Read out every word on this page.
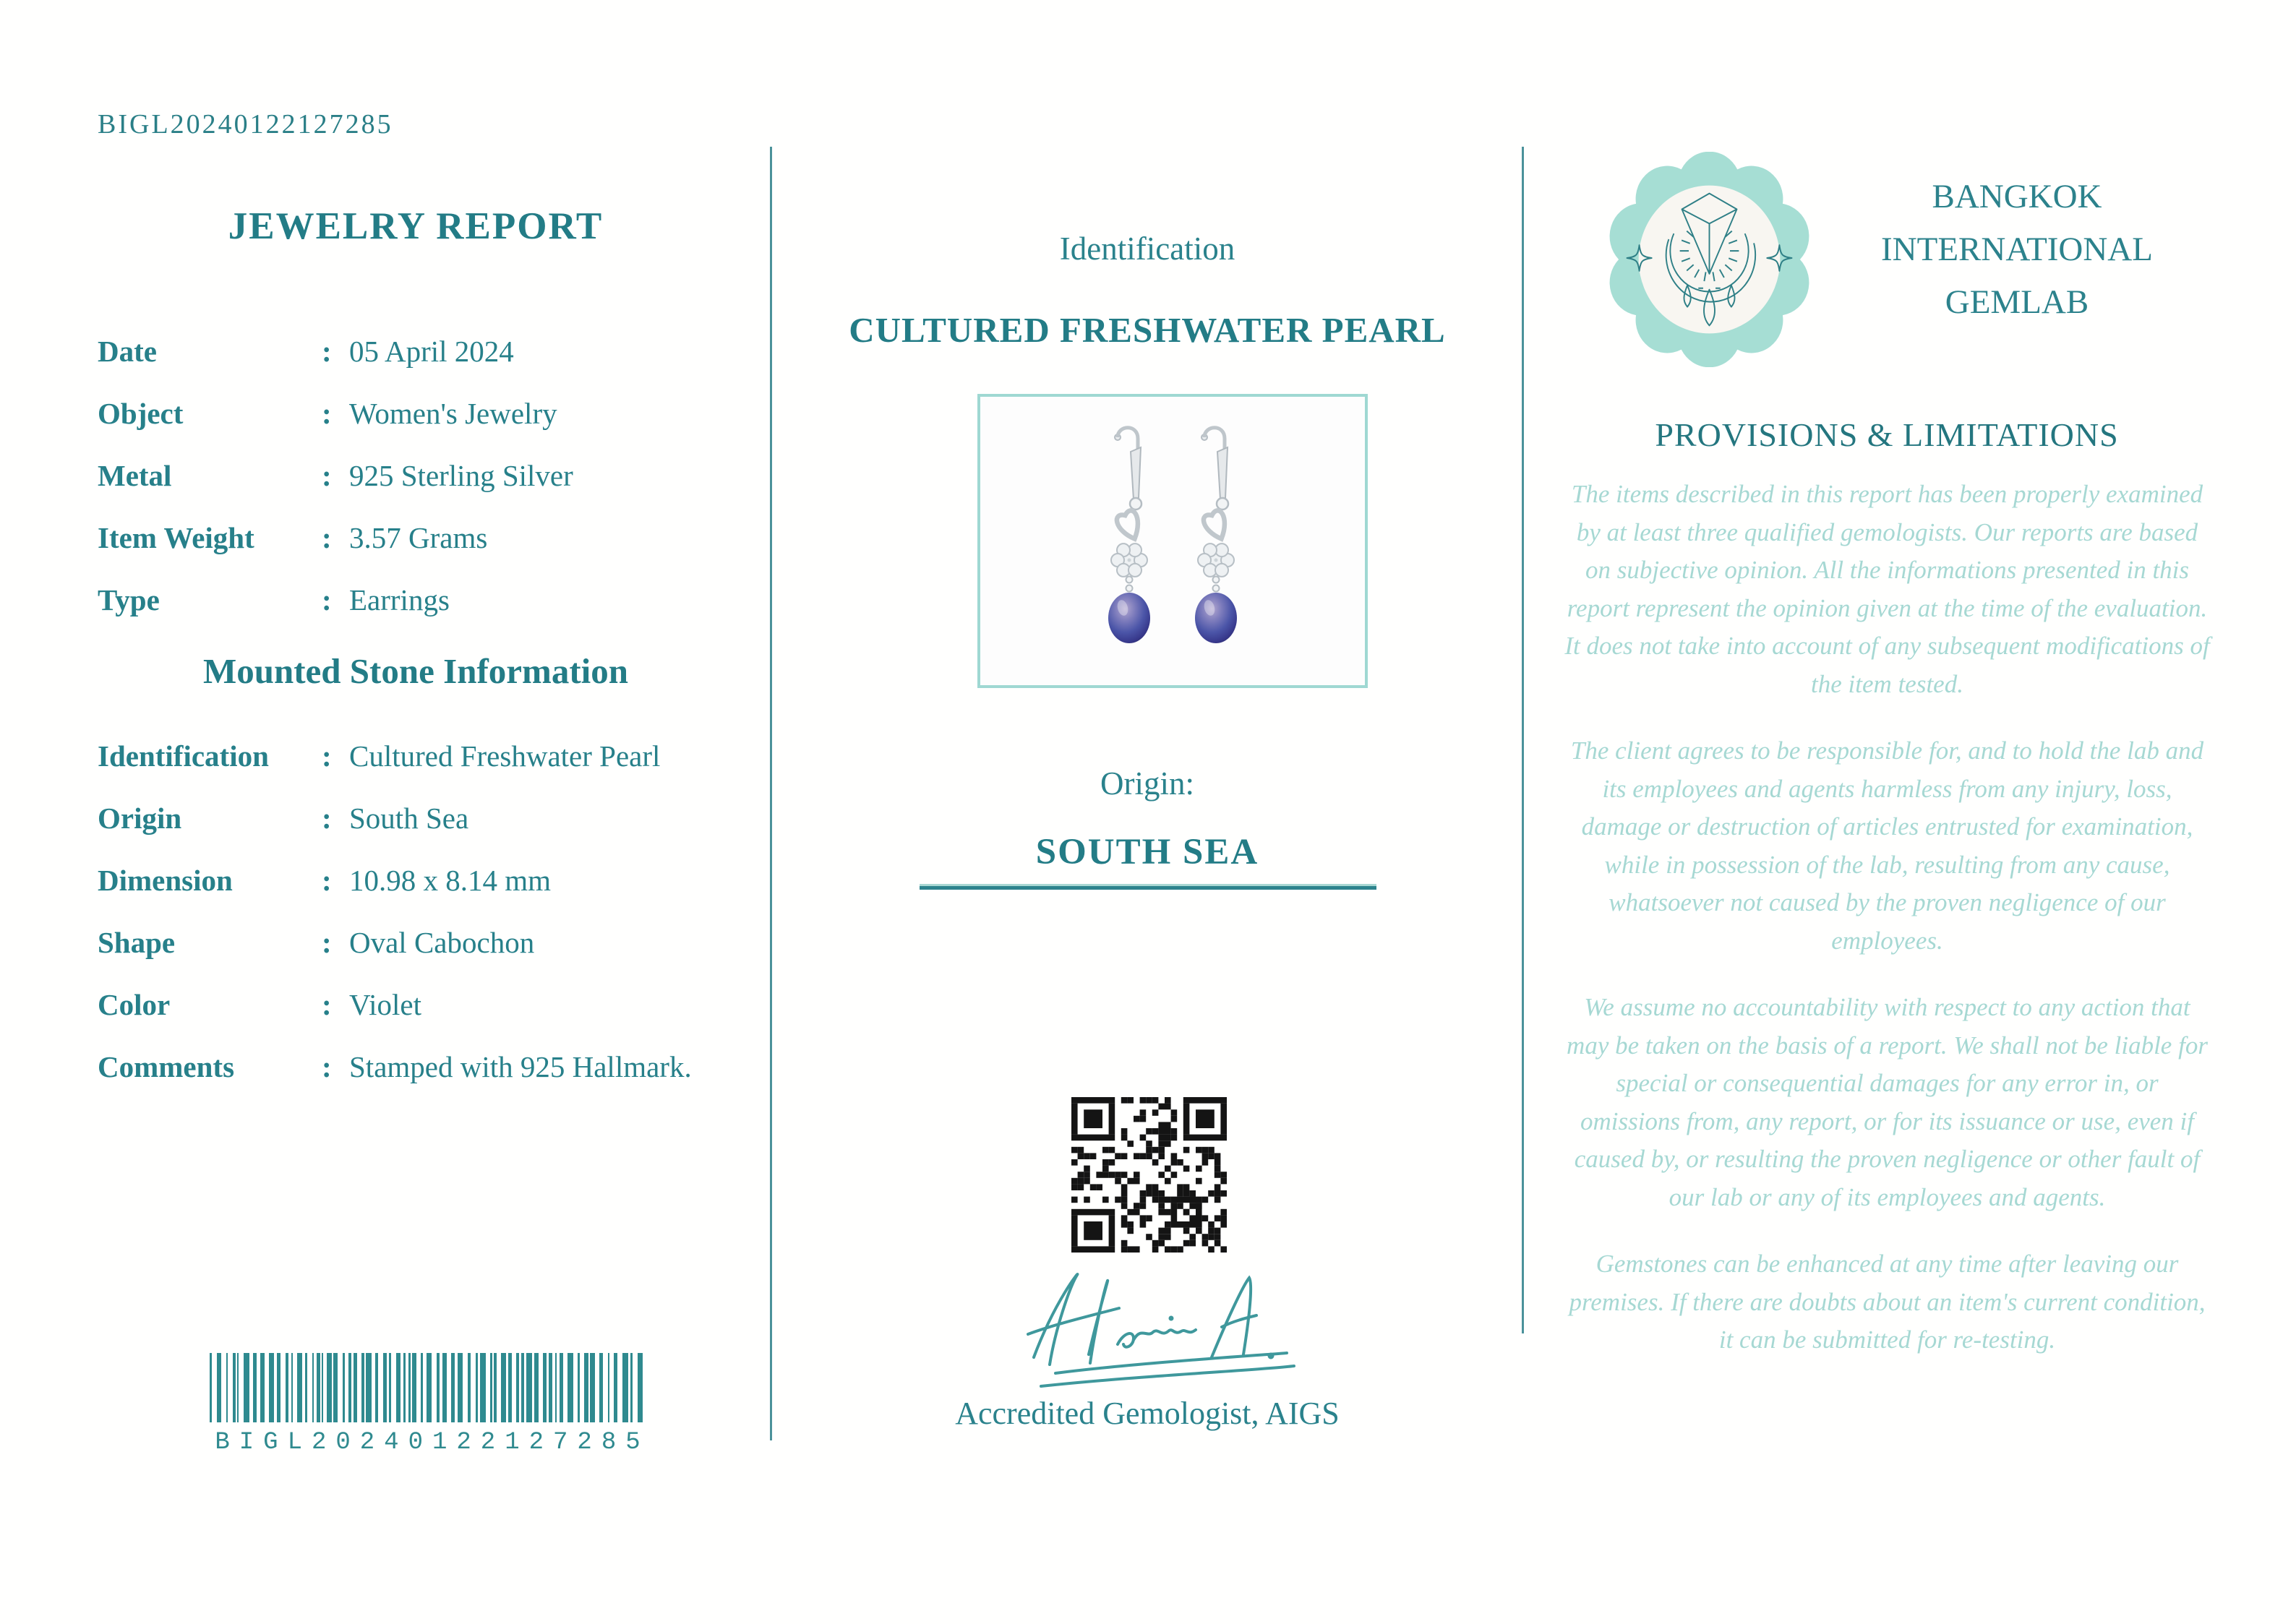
BIGL20240122127285
JEWELRY REPORT
Date	: 05 April 2024
Object	: Women's Jewelry
Metal	: 925 Sterling Silver
Item Weight	: 3.57 Grams
Type	: Earrings
Mounted Stone Information
Identification	: Cultured Freshwater Pearl
Origin	: South Sea
Dimension	: 10.98 x 8.14 mm
Shape	: Oval Cabochon
Color	: Violet
Comments	: Stamped with 925 Hallmark.
BIGL20240122127285
Identification
CULTURED FRESHWATER PEARL
Origin:
SOUTH SEA
Accredited Gemologist, AIGS
BANGKOK
INTERNATIONAL
GEMLAB
PROVISIONS & LIMITATIONS

The items described in this report has been properly examined by at least three qualified gemologists. Our reports are based on subjective opinion. All the informations presented in this report represent the opinion given at the time of the evaluation. It does not take into account of any subsequent modifications of the item tested.

The client agrees to be responsible for, and to hold the lab and its employees and agents harmless from any injury, loss, damage or destruction of articles entrusted for examination, while in possession of the lab, resulting from any cause, whatsoever not caused by the proven negligence of our employees.

We assume no accountability with respect to any action that may be taken on the basis of a report. We shall not be liable for special or consequential damages for any error in, or omissions from, any report, or for its issuance or use, even if caused by, or resulting the proven negligence or other fault of our lab or any of its employees and agents.

Gemstones can be enhanced at any time after leaving our premises. If there are doubts about an item's current condition, it can be submitted for re-testing.
